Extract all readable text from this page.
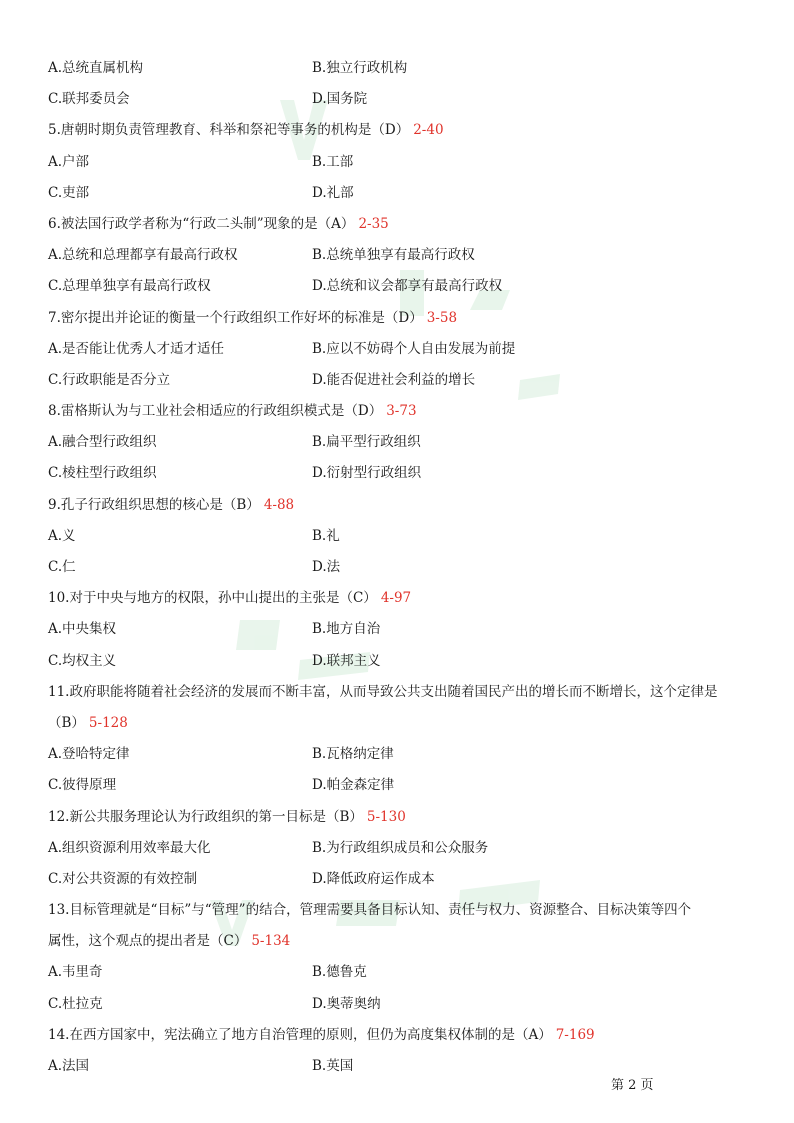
A.总统直属机构	B.独立行政机构
C.联邦委员会	D.国务院
5.唐朝时期负责管理教育、科举和祭祀等事务的机构是（D） 2-40
A.户部	B.工部
C.吏部	D.礼部
6.被法国行政学者称为“行政二头制”现象的是（A） 2-35
A.总统和总理都享有最高行政权	B.总统单独享有最高行政权
C.总理单独享有最高行政权	D.总统和议会都享有最高行政权
7.密尔提出并论证的衡量一个行政组织工作好坏的标准是（D） 3-58
A.是否能让优秀人才适才适任	B.应以不妨碍个人自由发展为前提
C.行政职能是否分立	D.能否促进社会利益的增长
8.雷格斯认为与工业社会相适应的行政组织模式是（D） 3-73
A.融合型行政组织	B.扁平型行政组织
C.棱柱型行政组织	D.衍射型行政组织
9.孔子行政组织思想的核心是（B） 4-88
A.义	B.礼
C.仁	D.法
10.对于中央与地方的权限，孙中山提出的主张是（C） 4-97
A.中央集权	B.地方自治
C.均权主义	D.联邦主义
11.政府职能将随着社会经济的发展而不断丰富，从而导致公共支出随着国民产出的增长而不断增长，这个定律是
（B） 5-128
A.登哈特定律	B.瓦格纳定律
C.彼得原理	D.帕金森定律
12.新公共服务理论认为行政组织的第一目标是（B） 5-130
A.组织资源利用效率最大化	B.为行政组织成员和公众服务
C.对公共资源的有效控制	D.降低政府运作成本
13.目标管理就是“目标”与“管理”的结合，管理需要具备目标认知、责任与权力、资源整合、目标决策等四个
属性，这个观点的提出者是（C） 5-134
A.韦里奇	B.德鲁克
C.杜拉克	D.奥蒂奥纳
14.在西方国家中，宪法确立了地方自治管理的原则，但仍为高度集权体制的是（A） 7-169
A.法国	B.英国
第 2 页
